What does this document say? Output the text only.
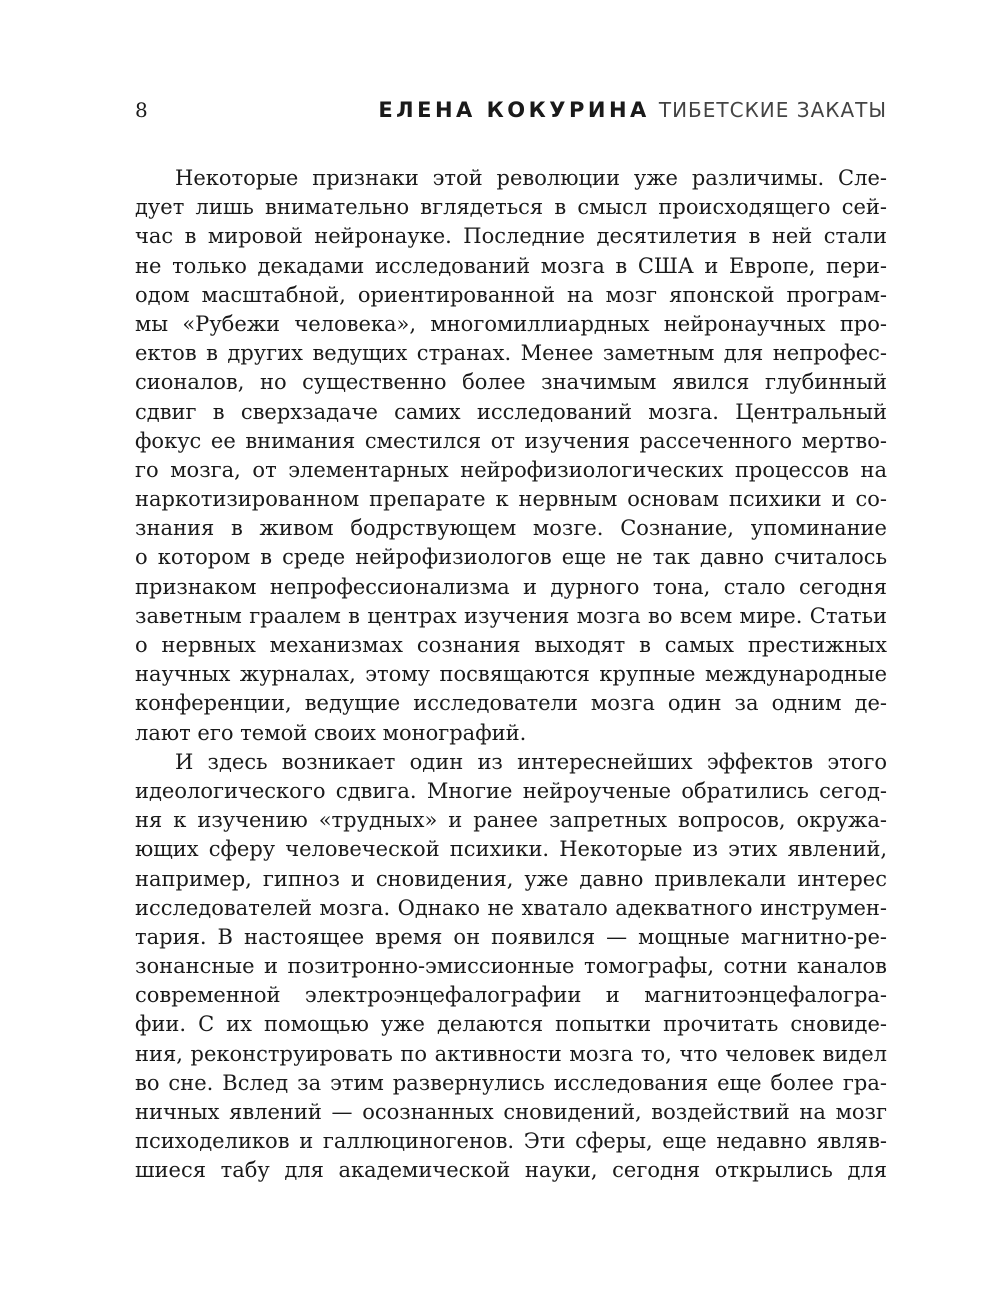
8	ЕЛЕНА КОКУРИНА ТИБЕТСКИЕ ЗАКАТЫ
Некоторые признаки этой революции уже различимы. Сле-
дует лишь внимательно вглядеться в смысл происходящего сей-
час в мировой нейронауке. Последние десятилетия в ней стали
не только декадами исследований мозга в США и Европе, пери-
одом масштабной, ориентированной на мозг японской програм-
мы «Рубежи человека», многомиллиардных нейронаучных про-
ектов в других ведущих странах. Менее заметным для непрофес-
сионалов, но существенно более значимым явился глубинный
сдвиг в сверхзадаче самих исследований мозга. Центральный
фокус ее внимания сместился от изучения рассеченного мертво-
го мозга, от элементарных нейрофизиологических процессов на
наркотизированном препарате к нервным основам психики и со-
знания в живом бодрствующем мозге. Сознание, упоминание
о котором в среде нейрофизиологов еще не так давно считалось
признаком непрофессионализма и дурного тона, стало сегодня
заветным граалем в центрах изучения мозга во всем мире. Статьи
о нервных механизмах сознания выходят в самых престижных
научных журналах, этому посвящаются крупные международные
конференции, ведущие исследователи мозга один за одним де-
лают его темой своих монографий.
И здесь возникает один из интереснейших эффектов этого
идеологического сдвига. Многие нейроученые обратились сегод-
ня к изучению «трудных» и ранее запретных вопросов, окружа-
ющих сферу человеческой психики. Некоторые из этих явлений,
например, гипноз и сновидения, уже давно привлекали интерес
исследователей мозга. Однако не хватало адекватного инструмен-
тария. В настоящее время он появился — мощные магнитно-ре-
зонансные и позитронно-эмиссионные томографы, сотни каналов
современной электроэнцефалографии и магнитоэнцефалогра-
фии. С их помощью уже делаются попытки прочитать сновиде-
ния, реконструировать по активности мозга то, что человек видел
во сне. Вслед за этим развернулись исследования еще более гра-
ничных явлений — осознанных сновидений, воздействий на мозг
психоделиков и галлюциногенов. Эти сферы, еще недавно являв-
шиеся табу для академической науки, сегодня открылись для
